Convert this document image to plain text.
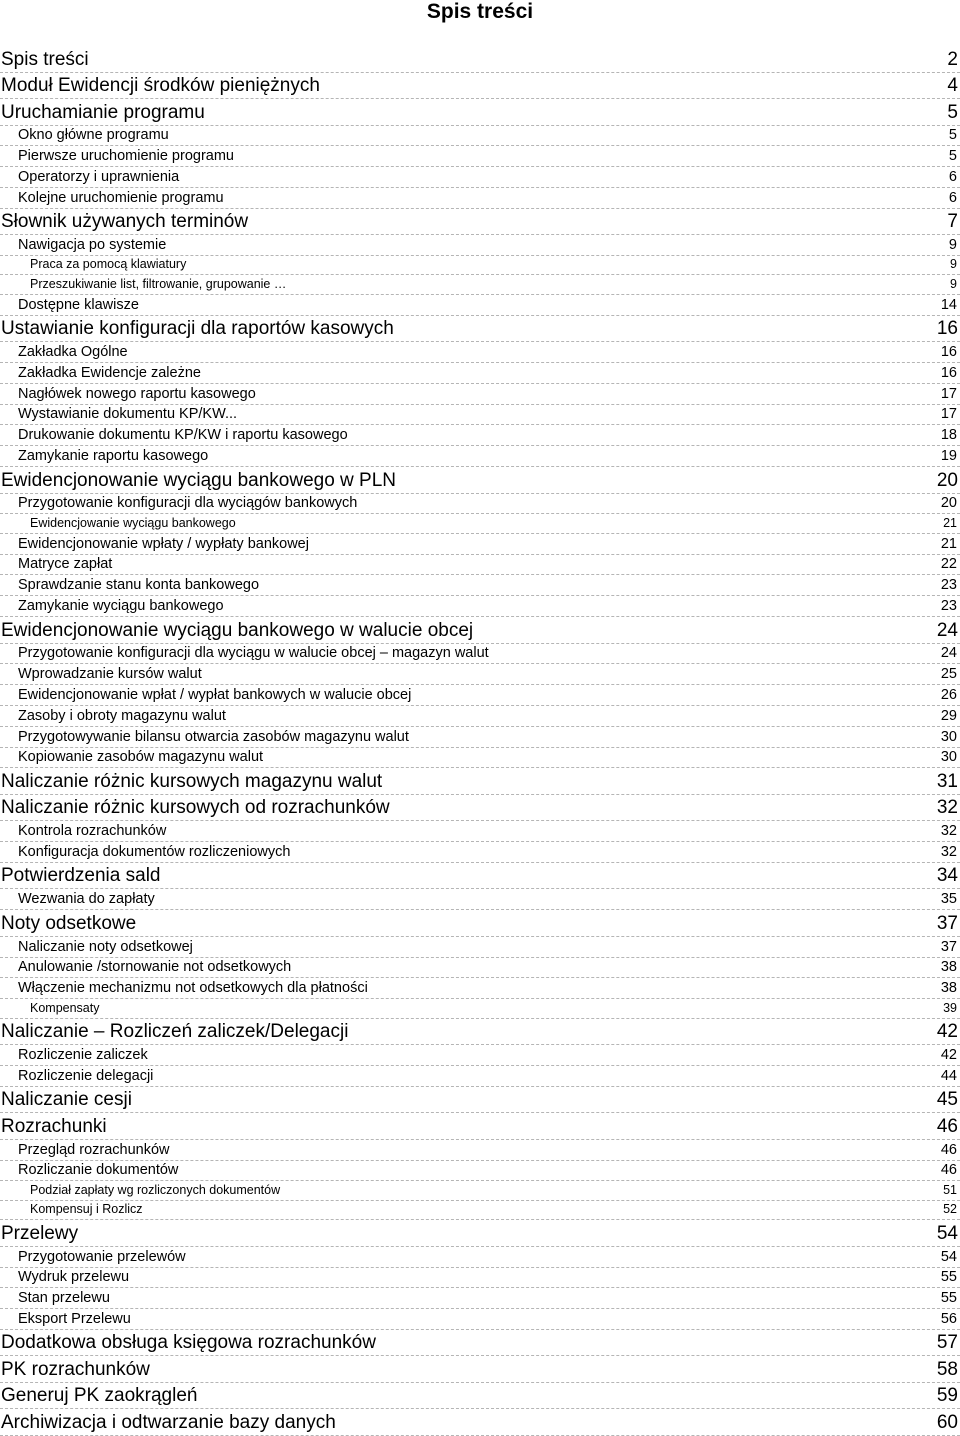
Spis treści
Spis treści	2
Moduł Ewidencji środków pieniężnych	4
Uruchamianie programu	5
Okno główne programu	5
Pierwsze uruchomienie programu	5
Operatorzy i uprawnienia	6
Kolejne uruchomienie programu	6
Słownik używanych terminów	7
Nawigacja po systemie	9
Praca za pomocą klawiatury	9
Przeszukiwanie list, filtrowanie, grupowanie …	9
Dostępne klawisze	14
Ustawianie konfiguracji dla raportów kasowych	16
Zakładka Ogólne	16
Zakładka Ewidencje zależne	16
Nagłówek nowego raportu kasowego	17
Wystawianie dokumentu KP/KW...	17
Drukowanie dokumentu KP/KW i raportu kasowego	18
Zamykanie raportu kasowego	19
Ewidencjonowanie wyciągu bankowego w PLN	20
Przygotowanie konfiguracji dla wyciągów bankowych	20
Ewidencjowanie wyciągu bankowego	21
Ewidencjonowanie wpłaty / wypłaty bankowej	21
Matryce zapłat	22
Sprawdzanie stanu konta bankowego	23
Zamykanie wyciągu bankowego	23
Ewidencjonowanie wyciągu bankowego w walucie obcej	24
Przygotowanie konfiguracji dla wyciągu w walucie obcej – magazyn walut	24
Wprowadzanie kursów walut	25
Ewidencjonowanie wpłat / wypłat bankowych w walucie obcej	26
Zasoby i obroty magazynu walut	29
Przygotowywanie bilansu otwarcia zasobów magazynu walut	30
Kopiowanie zasobów magazynu walut	30
Naliczanie różnic kursowych magazynu walut	31
Naliczanie różnic kursowych od rozrachunków	32
Kontrola rozrachunków	32
Konfiguracja dokumentów rozliczeniowych	32
Potwierdzenia sald	34
Wezwania do zapłaty	35
Noty odsetkowe	37
Naliczanie noty odsetkowej	37
Anulowanie /stornowanie not odsetkowych	38
Włączenie mechanizmu not odsetkowych dla płatności	38
Kompensaty	39
Naliczanie – Rozliczeń zaliczek/Delegacji	42
Rozliczenie zaliczek	42
Rozliczenie delegacji	44
Naliczanie cesji	45
Rozrachunki	46
Przegląd rozrachunków	46
Rozliczanie dokumentów	46
Podział zapłaty wg rozliczonych dokumentów	51
Kompensuj i Rozlicz	52
Przelewy	54
Przygotowanie przelewów	54
Wydruk przelewu	55
Stan przelewu	55
Eksport Przelewu	56
Dodatkowa obsługa księgowa rozrachunków	57
PK rozrachunków	58
Generuj PK zaokrągleń	59
Archiwizacja i odtwarzanie bazy danych	60
